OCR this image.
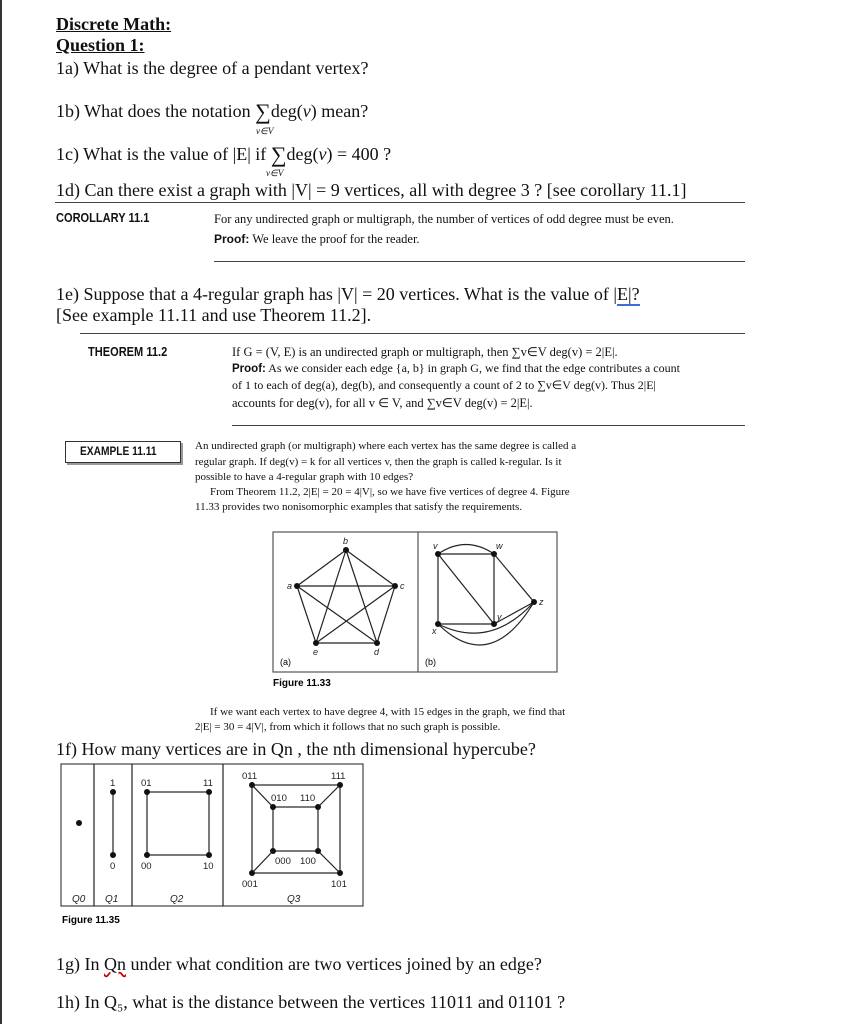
Discrete Math:
Question 1:
1a) What is the degree of a pendant vertex?
1b) What does the notation ∑deg(v) mean?
v∈V
1c) What is the value of |E| if ∑deg(v) = 400 ?
v∈V
1d) Can there exist a graph with |V| = 9 vertices, all with degree 3 ? [see corollary 11.1]
COROLLARY 11.1	For any undirected graph or multigraph, the number of vertices of odd degree must be even.
Proof: We leave the proof for the reader.
1e) Suppose that a 4-regular graph has |V| = 20 vertices. What is the value of |E|?
[See example 11.11 and use Theorem 11.2].
THEOREM 11.2	If G = (V, E) is an undirected graph or multigraph, then ∑v∈V deg(v) = 2|E|.
Proof: As we consider each edge {a, b} in graph G, we find that the edge contributes a count
of 1 to each of deg(a), deg(b), and consequently a count of 2 to ∑v∈V deg(v). Thus 2|E|
accounts for deg(v), for all v ∈ V, and ∑v∈V deg(v) = 2|E|.
EXAMPLE 11.11	An undirected graph (or multigraph) where each vertex has the same degree is called a
regular graph. If deg(v) = k for all vertices v, then the graph is called k-regular. Is it
possible to have a 4-regular graph with 10 edges?
From Theorem 11.2, 2|E| = 20 = 4|V|, so we have five vertices of degree 4. Figure
11.33 provides two nonisomorphic examples that satisfy the requirements.
a
b
c
d
e
v	w
x
y
z
(a)	(b)
Figure 11.33
1
0
01	11
00	10
011	111
010 110
000 100
001	101
Q0 Q1	Q2	Q3
Figure 11.35
If we want each vertex to have degree 4, with 15 edges in the graph, we find that
2|E| = 30 = 4|V|, from which it follows that no such graph is possible.
1f) How many vertices are in Qn , the nth dimensional hypercube?
1g) In Qn under what condition are two vertices joined by an edge?
1h) In Q₅, what is the distance between the vertices 11011 and 01101 ?
